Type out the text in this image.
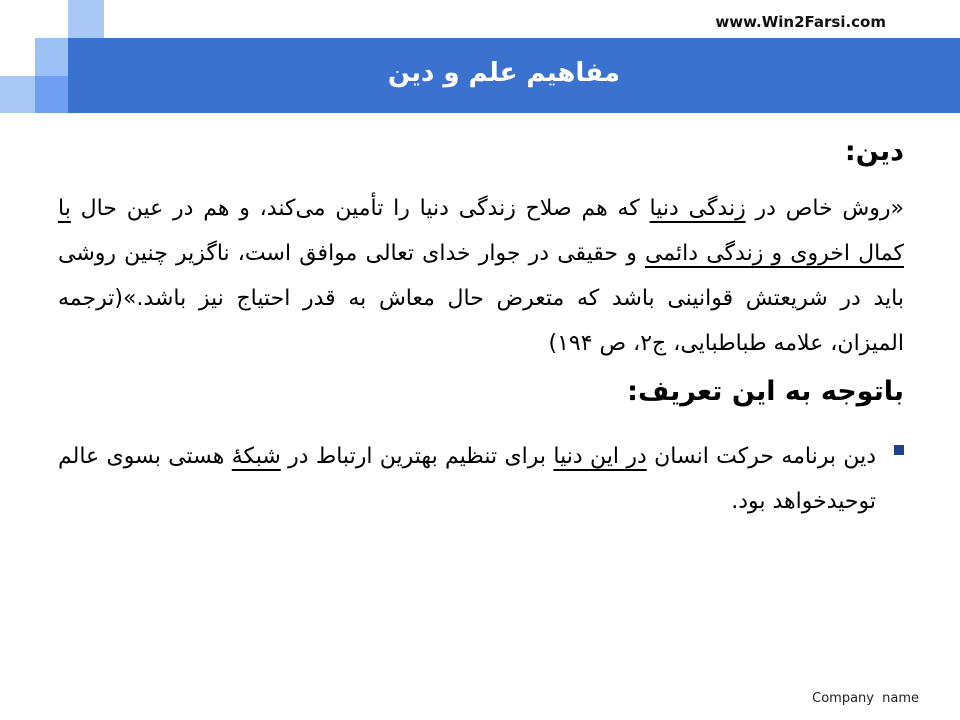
www.Win2Farsi.com
مفاهیم علم و دین
دین:
«روش خاص در زندگی دنیا که هم صلاح زندگی دنیا را تأمین می‌کند، و هم در عین حال با کمال اخروی و زندگی دائمی و حقیقی در جوار خدای تعالی موافق است، ناگزیر چنین روشی باید در شریعتش قوانینی باشد که متعرض حال معاش به قدر احتیاج نیز باشد.»(ترجمه المیزان، علامه طباطبایی، ج۲، ص ۱۹۴)
باتوجه به این تعریف:
دین برنامه حرکت انسان در این دنیا برای تنظیم بهترین ارتباط در شبکۀ هستی بسوی عالم توحیدخواهد بود.
Company name
